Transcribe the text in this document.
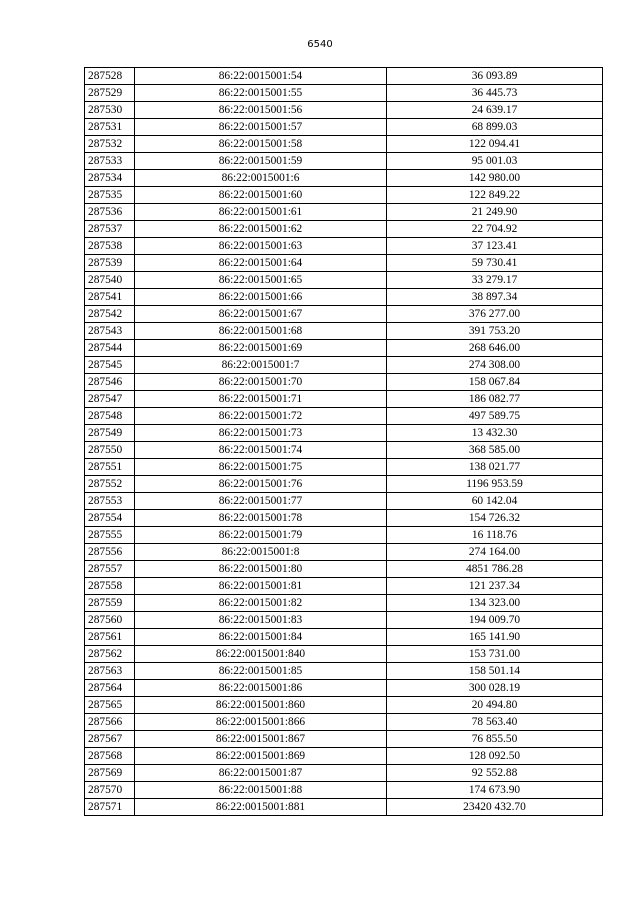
6540
287528	86:22:0015001:54	36 093.89
287529	86:22:0015001:55	36 445.73
287530	86:22:0015001:56	24 639.17
287531	86:22:0015001:57	68 899.03
287532	86:22:0015001:58	122 094.41
287533	86:22:0015001:59	95 001.03
287534	86:22:0015001:6	142 980.00
287535	86:22:0015001:60	122 849.22
287536	86:22:0015001:61	21 249.90
287537	86:22:0015001:62	22 704.92
287538	86:22:0015001:63	37 123.41
287539	86:22:0015001:64	59 730.41
287540	86:22:0015001:65	33 279.17
287541	86:22:0015001:66	38 897.34
287542	86:22:0015001:67	376 277.00
287543	86:22:0015001:68	391 753.20
287544	86:22:0015001:69	268 646.00
287545	86:22:0015001:7	274 308.00
287546	86:22:0015001:70	158 067.84
287547	86:22:0015001:71	186 082.77
287548	86:22:0015001:72	497 589.75
287549	86:22:0015001:73	13 432.30
287550	86:22:0015001:74	368 585.00
287551	86:22:0015001:75	138 021.77
287552	86:22:0015001:76	1196 953.59
287553	86:22:0015001:77	60 142.04
287554	86:22:0015001:78	154 726.32
287555	86:22:0015001:79	16 118.76
287556	86:22:0015001:8	274 164.00
287557	86:22:0015001:80	4851 786.28
287558	86:22:0015001:81	121 237.34
287559	86:22:0015001:82	134 323.00
287560	86:22:0015001:83	194 009.70
287561	86:22:0015001:84	165 141.90
287562	86:22:0015001:840	153 731.00
287563	86:22:0015001:85	158 501.14
287564	86:22:0015001:86	300 028.19
287565	86:22:0015001:860	20 494.80
287566	86:22:0015001:866	78 563.40
287567	86:22:0015001:867	76 855.50
287568	86:22:0015001:869	128 092.50
287569	86:22:0015001:87	92 552.88
287570	86:22:0015001:88	174 673.90
287571	86:22:0015001:881	23420 432.70
